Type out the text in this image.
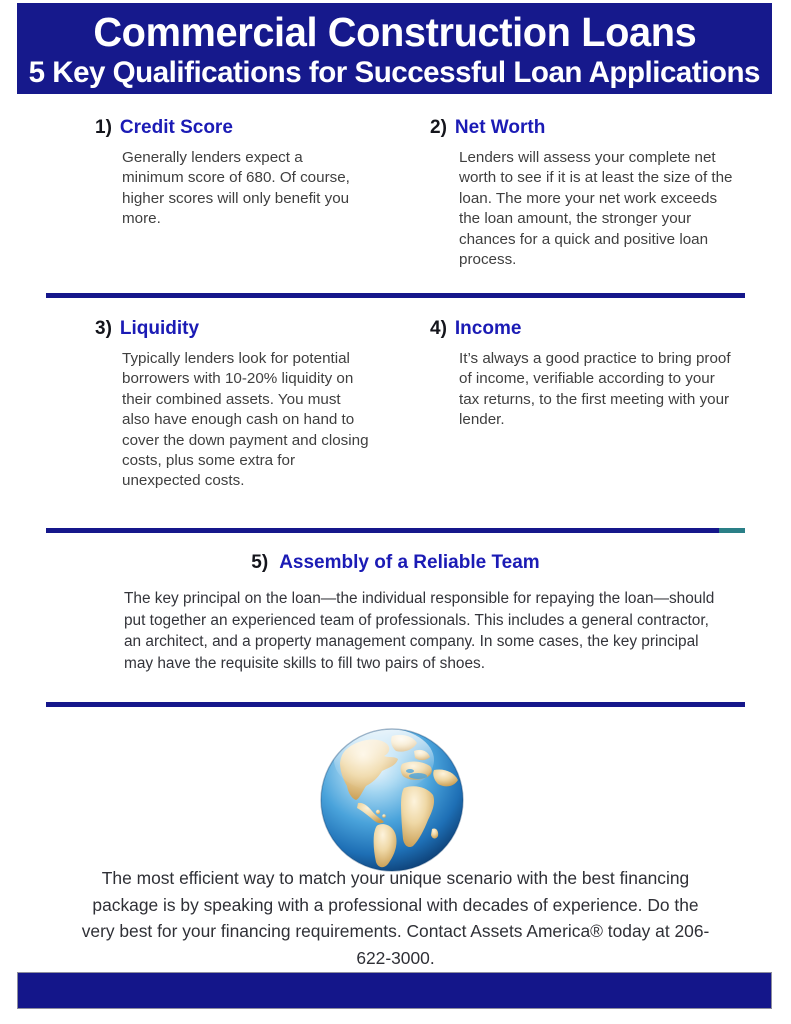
Commercial Construction Loans
5 Key Qualifications for Successful Loan Applications
1) Credit Score
Generally lenders expect a minimum score of 680. Of course, higher scores will only benefit you more.
2) Net Worth
Lenders will assess your complete net worth to see if it is at least the size of the loan. The more your net work exceeds the loan amount, the stronger your chances for a quick and positive loan process.
3) Liquidity
Typically lenders look for potential borrowers with 10-20% liquidity on their combined assets. You must also have enough cash on hand to cover the down payment and closing costs, plus some extra for unexpected costs.
4) Income
It’s always a good practice to bring proof of income, verifiable according to your tax returns, to the first meeting with your lender.
5) Assembly of a Reliable Team
The key principal on the loan—the individual responsible for repaying the loan—should put together an experienced team of professionals. This includes a general contractor, an architect, and a property management company. In some cases, the key principal may have the requisite skills to fill two pairs of shoes.
The most efficient way to match your unique scenario with the best financing package is by speaking with a professional with decades of experience. Do the very best for your financing requirements. Contact Assets America® today at 206-622-3000.
